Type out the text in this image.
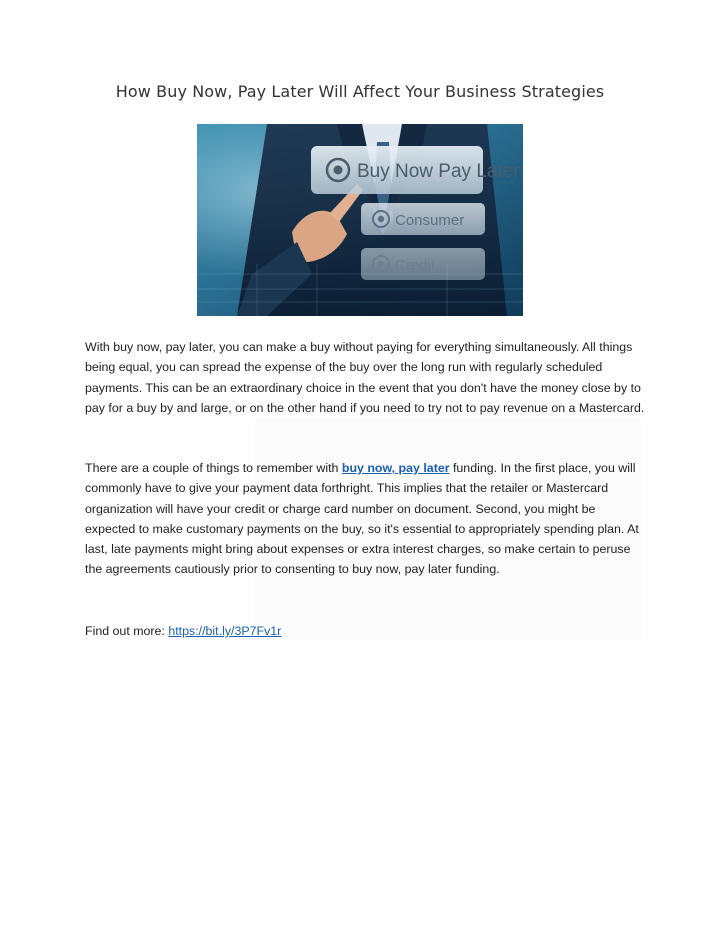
How Buy Now, Pay Later Will Affect Your Business Strategies
Buy Now Pay Later
Consumer
Credit

With buy now, pay later, you can make a buy without paying for everything simultaneously. All things being equal, you can spread the expense of the buy over the long run with regularly scheduled payments. This can be an extraordinary choice in the event that you don't have the money close by to pay for a buy by and large, or on the other hand if you need to try not to pay revenue on a Mastercard.

There are a couple of things to remember with buy now, pay later funding. In the first place, you will commonly have to give your payment data forthright. This implies that the retailer or Mastercard organization will have your credit or charge card number on document. Second, you might be expected to make customary payments on the buy, so it's essential to appropriately spending plan. At last, late payments might bring about expenses or extra interest charges, so make certain to peruse the agreements cautiously prior to consenting to buy now, pay later funding.

Find out more: https://bit.ly/3P7Fv1r
